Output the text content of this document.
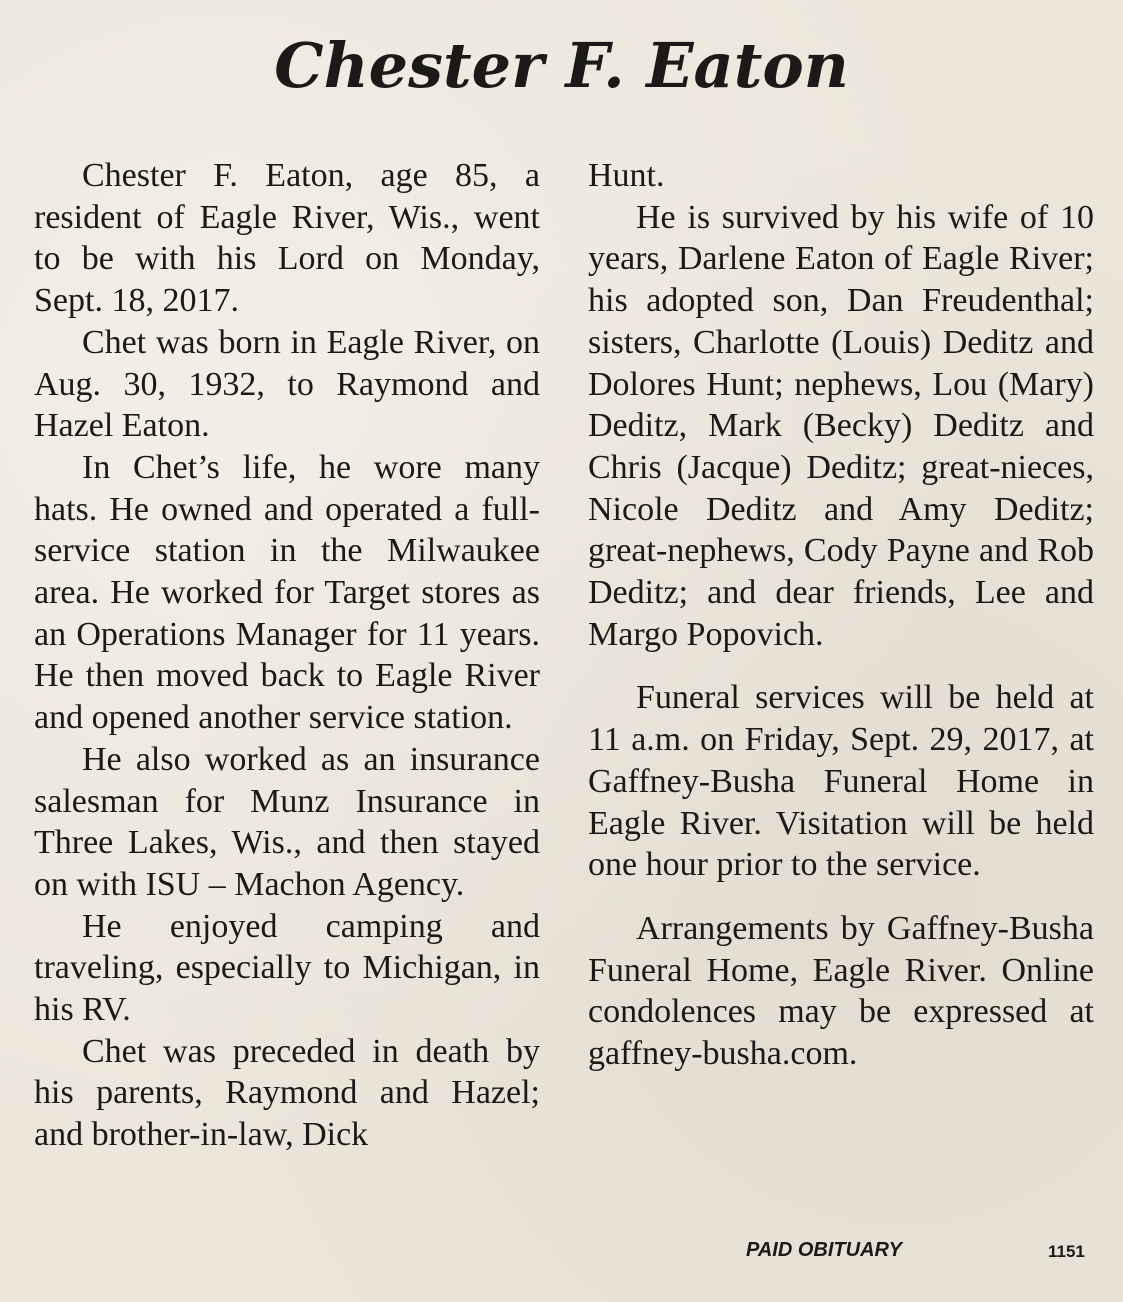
Chester F. Eaton

Chester F. Eaton, age 85, a resident of Eagle River, Wis., went to be with his Lord on Monday, Sept. 18, 2017.

Chet was born in Eagle River, on Aug. 30, 1932, to Raymond and Hazel Eaton.

In Chet’s life, he wore many hats. He owned and operated a full-service station in the Milwaukee area. He worked for Target stores as an Operations Manager for 11 years. He then moved back to Eagle River and opened another service station.

He also worked as an insurance salesman for Munz Insurance in Three Lakes, Wis., and then stayed on with ISU – Machon Agency.

He enjoyed camping and traveling, especially to Michigan, in his RV.

Chet was preceded in death by his parents, Raymond and Hazel; and brother-in-law, Dick

Hunt.

He is survived by his wife of 10 years, Darlene Eaton of Eagle River; his adopted son, Dan Freudenthal; sisters, Charlotte (Louis) Deditz and Dolores Hunt; nephews, Lou (Mary) Deditz, Mark (Becky) Deditz and Chris (Jacque) Deditz; great-nieces, Nicole Deditz and Amy Deditz; great-nephews, Cody Payne and Rob Deditz; and dear friends, Lee and Margo Popovich.

Funeral services will be held at 11 a.m. on Friday, Sept. 29, 2017, at Gaffney-Busha Funeral Home in Eagle River. Visitation will be held one hour prior to the service.

Arrangements by Gaffney-Busha Funeral Home, Eagle River. Online condolences may be expressed at gaffney-busha.com.

PAID OBITUARY	1151
